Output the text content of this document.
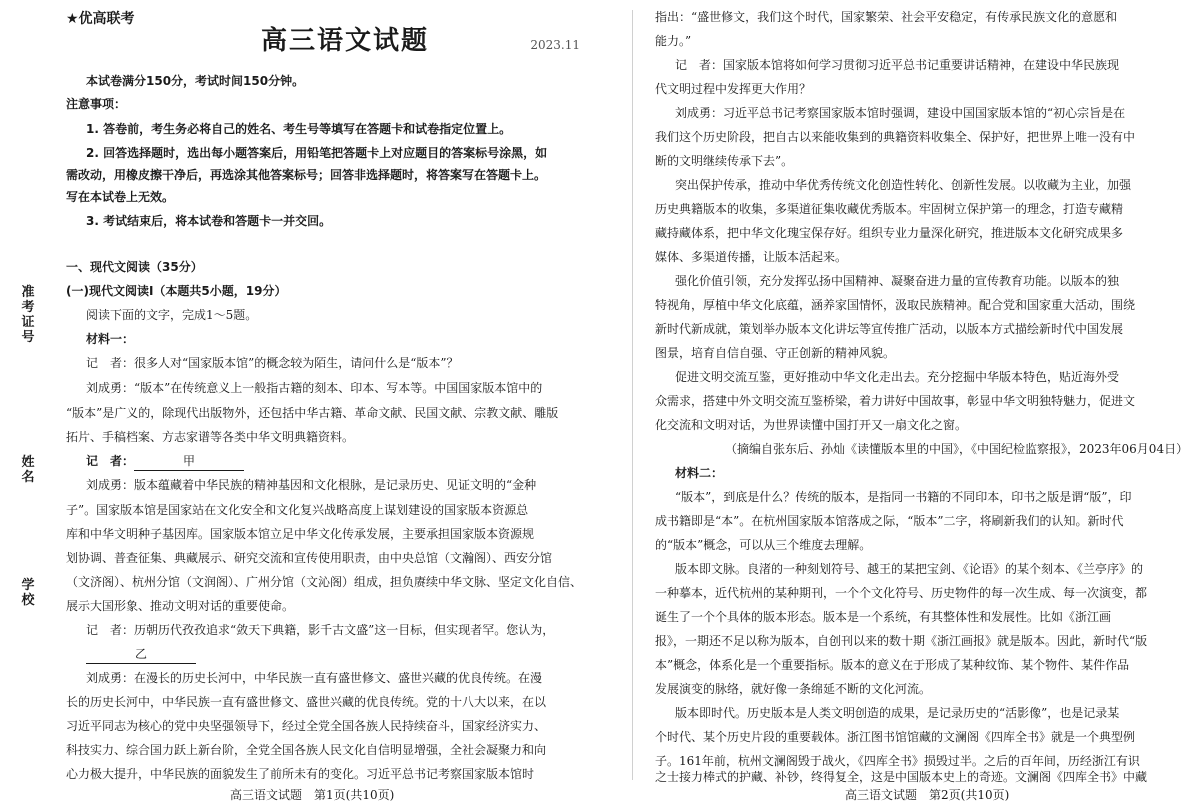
准考证号
姓名
学校
★优高联考
高三语文试题	2023.11
本试卷满分150分，考试时间150分钟。
注意事项：
1. 答卷前，考生务必将自己的姓名、考生号等填写在答题卡和试卷指定位置上。
2. 回答选择题时，选出每小题答案后，用铅笔把答题卡上对应题目的答案标号涂黑，如
需改动，用橡皮擦干净后，再选涂其他答案标号；回答非选择题时，将答案写在答题卡上。
写在本试卷上无效。
3. 考试结束后，将本试卷和答题卡一并交回。
一、现代文阅读（35分）
(一)现代文阅读Ⅰ（本题共5小题，19分）
阅读下面的文字，完成1～5题。
材料一：
记　者：很多人对“国家版本馆”的概念较为陌生，请问什么是“版本”？
刘成勇：“版本”在传统意义上一般指古籍的刻本、印本、写本等。中国国家版本馆中的
“版本”是广义的，除现代出版物外，还包括中华古籍、革命文献、民国文献、宗教文献、雕版
拓片、手稿档案、方志家谱等各类中华文明典籍资料。
记　者：	甲
刘成勇：版本蕴藏着中华民族的精神基因和文化根脉，是记录历史、见证文明的“金种
子”。国家版本馆是国家站在文化安全和文化复兴战略高度上谋划建设的国家版本资源总
库和中华文明种子基因库。国家版本馆立足中华文化传承发展，主要承担国家版本资源规
划协调、普查征集、典藏展示、研究交流和宣传使用职责，由中央总馆（文瀚阁）、西安分馆
（文济阁）、杭州分馆（文润阁）、广州分馆（文沁阁）组成，担负赓续中华文脉、坚定文化自信、
展示大国形象、推动文明对话的重要使命。
记　者：历朝历代孜孜追求“敛天下典籍，影千古文盛”这一目标，但实现者罕。您认为，
乙
刘成勇：在漫长的历史长河中，中华民族一直有盛世修文、盛世兴藏的优良传统。在漫
长的历史长河中，中华民族一直有盛世修文、盛世兴藏的优良传统。党的十八大以来，在以
习近平同志为核心的党中央坚强领导下，经过全党全国各族人民持续奋斗，国家经济实力、
科技实力、综合国力跃上新台阶，全党全国各族人民文化自信明显增强，全社会凝聚力和向
心力极大提升，中华民族的面貌发生了前所未有的变化。习近平总书记考察国家版本馆时
高三语文试题　第1页(共10页)
指出：“盛世修文，我们这个时代，国家繁荣、社会平安稳定，有传承民族文化的意愿和
能力。”
记　者：国家版本馆将如何学习贯彻习近平总书记重要讲话精神，在建设中华民族现
代文明过程中发挥更大作用？
刘成勇：习近平总书记考察国家版本馆时强调，建设中国国家版本馆的“初心宗旨是在
我们这个历史阶段，把自古以来能收集到的典籍资料收集全、保护好，把世界上唯一没有中
断的文明继续传承下去”。
突出保护传承，推动中华优秀传统文化创造性转化、创新性发展。以收藏为主业，加强
历史典籍版本的收集，多渠道征集收藏优秀版本。牢固树立保护第一的理念，打造专藏精
藏持藏体系，把中华文化瑰宝保存好。组织专业力量深化研究，推进版本文化研究成果多
媒体、多渠道传播，让版本活起来。
强化价值引领，充分发挥弘扬中国精神、凝聚奋进力量的宣传教育功能。以版本的独
特视角，厚植中华文化底蕴，涵养家国情怀，汲取民族精神。配合党和国家重大活动，围绕
新时代新成就，策划举办版本文化讲坛等宣传推广活动，以版本方式描绘新时代中国发展
图景，培育自信自强、守正创新的精神风貌。
促进文明交流互鉴，更好推动中华文化走出去。充分挖掘中华版本特色，贴近海外受
众需求，搭建中外文明交流互鉴桥梁，着力讲好中国故事，彰显中华文明独特魅力，促进文
化交流和文明对话，为世界读懂中国打开又一扇文化之窗。
（摘编自张东后、孙灿《读懂版本里的中国》，《中国纪检监察报》，2023年06月04日）
材料二：
“版本”，到底是什么？传统的版本，是指同一书籍的不同印本，印书之版是谓“版”，印
成书籍即是“本”。在杭州国家版本馆落成之际，“版本”二字，将刷新我们的认知。新时代
的“版本”概念，可以从三个维度去理解。
版本即文脉。良渚的一种刻划符号、越王的某把宝剑、《论语》的某个刻本、《兰亭序》的
一种摹本，近代杭州的某种期刊，一个个文化符号、历史物件的每一次生成、每一次演变，都
诞生了一个个具体的版本形态。版本是一个系统，有其整体性和发展性。比如《浙江画
报》，一期还不足以称为版本，自创刊以来的数十期《浙江画报》就是版本。因此，新时代“版
本”概念，体系化是一个重要指标。版本的意义在于形成了某种纹饰、某个物件、某件作品
发展演变的脉络，就好像一条绵延不断的文化河流。
版本即时代。历史版本是人类文明创造的成果，是记录历史的“活影像”，也是记录某
个时代、某个历史片段的重要载体。浙江图书馆馆藏的文澜阁《四库全书》就是一个典型例
子。161年前，杭州文澜阁毁于战火，《四库全书》损毁过半。之后的百年间，历经浙江有识
之士接力棒式的护藏、补钞，终得复全，这是中国版本史上的奇迹。文澜阁《四库全书》中藏
高三语文试题　第2页(共10页)
